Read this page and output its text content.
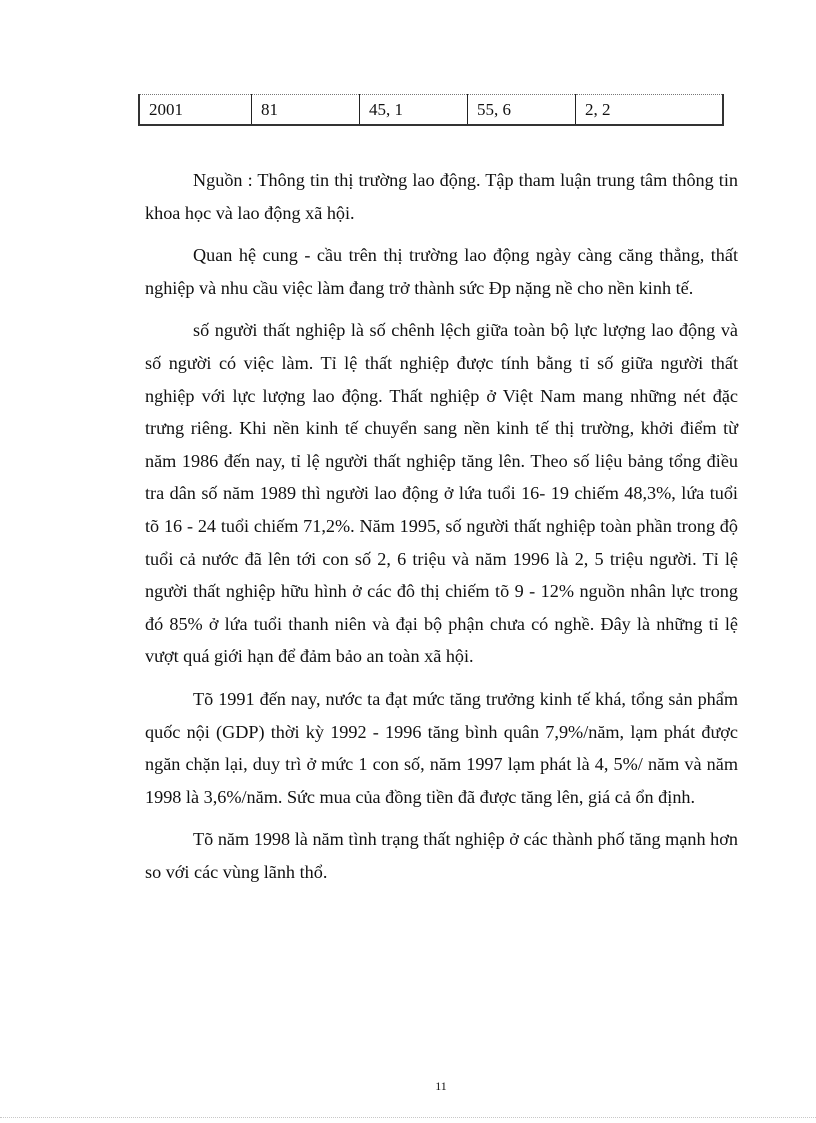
2001	81	45, 1	55, 6	2, 2

Nguồn : Thông tin thị trường lao động. Tập tham luận trung tâm thông tin khoa học và lao động xã hội.

Quan hệ cung - cầu trên thị trường lao động ngày càng căng thẳng, thất nghiệp và nhu cầu việc làm đang trở thành sức Đp nặng nề cho nền kinh tế.

số người thất nghiệp là số chênh lệch giữa toàn bộ lực lượng lao động và số người có việc làm. Tỉ lệ thất nghiệp được tính bằng tỉ số giữa người thất nghiệp với lực lượng lao động. Thất nghiệp ở Việt Nam mang những nét đặc trưng riêng. Khi nền kinh tế chuyển sang nền kinh tế thị trường, khởi điểm từ năm 1986 đến nay, tỉ lệ người thất nghiệp tăng lên. Theo số liệu bảng tổng điều tra dân số năm 1989 thì người lao động ở lứa tuổi 16- 19 chiếm 48,3%, lứa tuổi tõ 16 - 24 tuổi chiếm 71,2%. Năm 1995, số người thất nghiệp toàn phần trong độ tuổi cả nước đã lên tới con số 2, 6 triệu và năm 1996 là 2, 5 triệu người. Tỉ lệ người thất nghiệp hữu hình ở các đô thị chiếm tõ 9 - 12% nguồn nhân lực trong đó 85% ở lứa tuổi thanh niên và đại bộ phận chưa có nghề. Đây là những tỉ lệ vượt quá giới hạn để đảm bảo an toàn xã hội.

Tõ 1991 đến nay, nước ta đạt mức tăng trưởng kinh tế khá, tổng sản phẩm quốc nội (GDP) thời kỳ 1992 - 1996 tăng bình quân 7,9%/năm, lạm phát được ngăn chặn lại, duy trì ở mức 1 con số, năm 1997 lạm phát là 4, 5%/ năm và năm 1998 là 3,6%/năm. Sức mua của đồng tiền đã được tăng lên, giá cả ổn định.

Tõ năm 1998 là năm tình trạng thất nghiệp ở các thành phố tăng mạnh hơn so với các vùng lãnh thổ.

11
